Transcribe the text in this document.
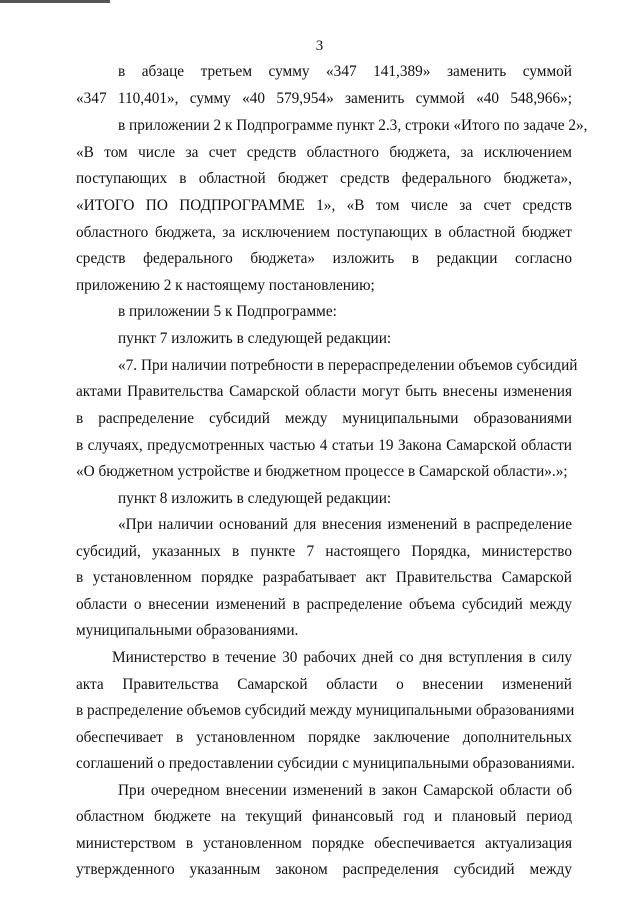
3
в абзаце третьем сумму «347 141,389» заменить суммой
«347 110,401», сумму «40 579,954» заменить суммой «40 548,966»;
в приложении 2 к Подпрограмме пункт 2.3, строки «Итого по задаче 2»,
«В том числе за счет средств областного бюджета, за исключением
поступающих в областной бюджет средств федерального бюджета»,
«ИТОГО ПО ПОДПРОГРАММЕ 1», «В том числе за счет средств
областного бюджета, за исключением поступающих в областной бюджет
средств федерального бюджета» изложить в редакции согласно
приложению 2 к настоящему постановлению;
в приложении 5 к Подпрограмме:
пункт 7 изложить в следующей редакции:
«7. При наличии потребности в перераспределении объемов субсидий
актами Правительства Самарской области могут быть внесены изменения
в распределение субсидий между муниципальными образованиями
в случаях, предусмотренных частью 4 статьи 19 Закона Самарской области
«О бюджетном устройстве и бюджетном процессе в Самарской области».»;
пункт 8 изложить в следующей редакции:
«При наличии оснований для внесения изменений в распределение
субсидий, указанных в пункте 7 настоящего Порядка, министерство
в установленном порядке разрабатывает акт Правительства Самарской
области о внесении изменений в распределение объема субсидий между
муниципальными образованиями.
Министерство в течение 30 рабочих дней со дня вступления в силу
акта Правительства Самарской области о внесении изменений
в распределение объемов субсидий между муниципальными образованиями
обеспечивает в установленном порядке заключение дополнительных
соглашений о предоставлении субсидии с муниципальными образованиями.
При очередном внесении изменений в закон Самарской области об
областном бюджете на текущий финансовый год и плановый период
министерством в установленном порядке обеспечивается актуализация
утвержденного указанным законом распределения субсидий между
